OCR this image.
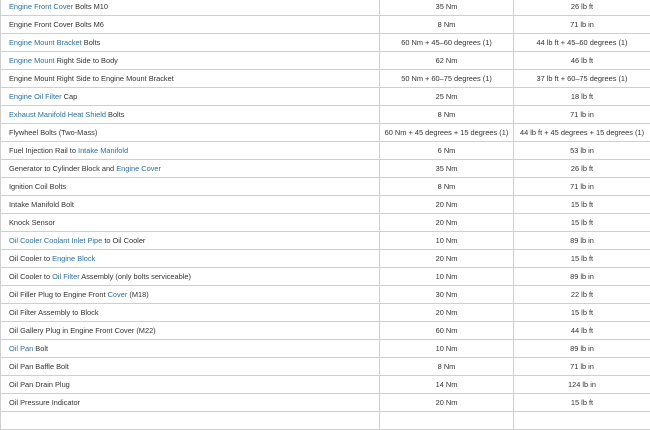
Engine Front Cover Bolts M10	35 Nm	26 lb ft
Engine Front Cover Bolts M6	8 Nm	71 lb in
Engine Mount Bracket Bolts	60 Nm + 45–60 degrees (1)	44 lb ft + 45–60 degrees (1)
Engine Mount Right Side to Body	62 Nm	46 lb ft
Engine Mount Right Side to Engine Mount Bracket	50 Nm + 60–75 degrees (1)	37 lb ft + 60–75 degrees (1)
Engine Oil Filter Cap	25 Nm	18 lb ft
Exhaust Manifold Heat Shield Bolts	8 Nm	71 lb in
Flywheel Bolts (Two-Mass)	60 Nm + 45 degrees + 15 degrees (1)	44 lb ft + 45 degrees + 15 degrees (1)
Fuel Injection Rail to Intake Manifold	6 Nm	53 lb in
Generator to Cylinder Block and Engine Cover	35 Nm	26 lb ft
Ignition Coil Bolts	8 Nm	71 lb in
Intake Manifold Bolt	20 Nm	15 lb ft
Knock Sensor	20 Nm	15 lb ft
Oil Cooler Coolant Inlet Pipe to Oil Cooler	10 Nm	89 lb in
Oil Cooler to Engine Block	20 Nm	15 lb ft
Oil Cooler to Oil Filter Assembly (only bolts serviceable)	10 Nm	89 lb in
Oil Filler Plug to Engine Front Cover (M18)	30 Nm	22 lb ft
Oil Filter Assembly to Block	20 Nm	15 lb ft
Oil Gallery Plug in Engine Front Cover (M22)	60 Nm	44 lb ft
Oil Pan Bolt	10 Nm	89 lb in
Oil Pan Baffle Bolt	8 Nm	71 lb in
Oil Pan Drain Plug	14 Nm	124 lb in
Oil Pressure Indicator	20 Nm	15 lb ft
